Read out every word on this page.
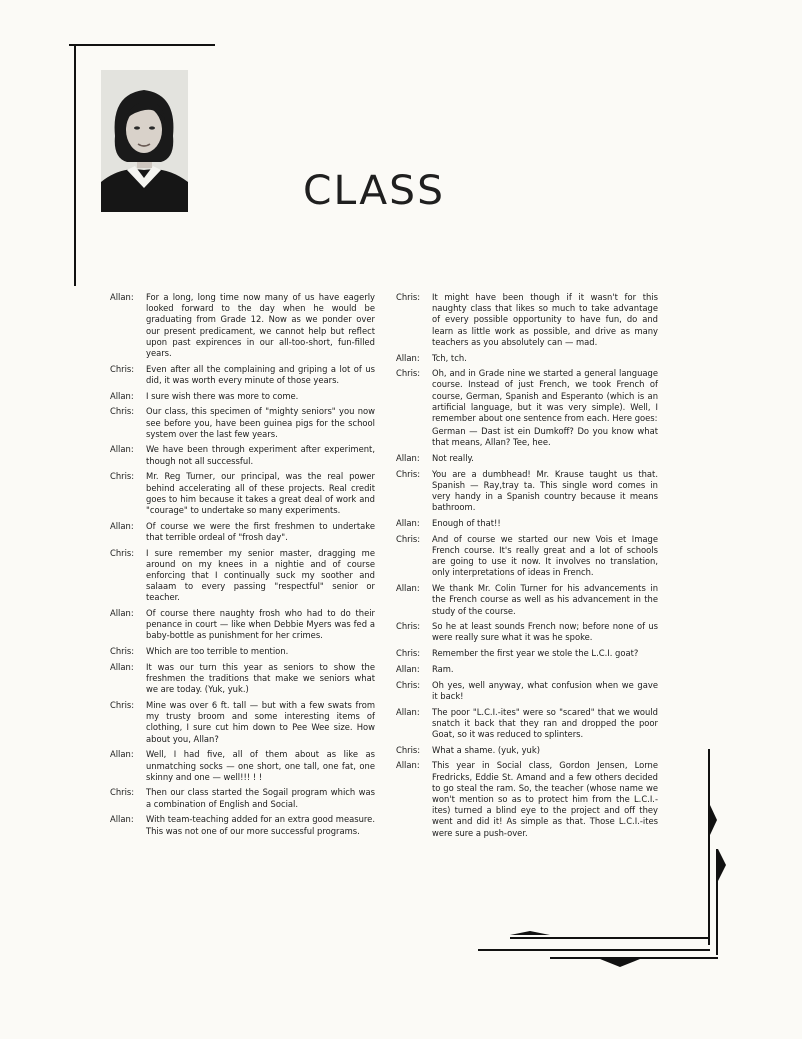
CLASS
Allan:	For a long, long time now many of us have eagerly looked forward to the day when he would be graduating from Grade 12. Now as we ponder over our present predicament, we cannot help but reflect upon past expirences in our all-too-short, fun-filled years.
Chris:	Even after all the complaining and griping a lot of us did, it was worth every minute of those years.
Allan:	I sure wish there was more to come.
Chris:	Our class, this specimen of "mighty seniors" you now see before you, have been guinea pigs for the school system over the last few years.
Allan:	We have been through experiment after experiment, though not all successful.
Chris:	Mr. Reg Turner, our principal, was the real power behind accelerating all of these projects. Real credit goes to him because it takes a great deal of work and "courage" to undertake so many experiments.
Allan:	Of course we were the first freshmen to undertake that terrible ordeal of "frosh day".
Chris:	I sure remember my senior master, dragging me around on my knees in a nightie and of course enforcing that I continually suck my soother and salaam to every passing "respectful" senior or teacher.
Allan:	Of course there naughty frosh who had to do their penance in court — like when Debbie Myers was fed a baby-bottle as punishment for her crimes.
Chris:	Which are too terrible to mention.
Allan:	It was our turn this year as seniors to show the freshmen the traditions that make we seniors what we are today. (Yuk, yuk.)
Chris:	Mine was over 6 ft. tall — but with a few swats from my trusty broom and some interesting items of clothing, I sure cut him down to Pee Wee size. How about you, Allan?
Allan:	Well, I had five, all of them about as like as unmatching socks — one short, one tall, one fat, one skinny and one — well!!! ! !
Chris:	Then our class started the Sogail program which was a combination of English and Social.
Allan:	With team-teaching added for an extra good measure. This was not one of our more successful programs.
Chris:	It might have been though if it wasn't for this naughty class that likes so much to take advantage of every possible opportunity to have fun, do and learn as little work as possible, and drive as many teachers as you absolutely can — mad.
Allan:	Tch, tch.
Chris:	Oh, and in Grade nine we started a general language course. Instead of just French, we took French of course, German, Spanish and Esperanto (which is an artificial language, but it was very simple). Well, I remember about one sentence from each. Here goes:
German — Dast ist ein Dumkoff? Do you know what that means, Allan? Tee, hee.
Allan:	Not really.
Chris:	You are a dumbhead! Mr. Krause taught us that. Spanish — Ray,tray ta. This single word comes in very handy in a Spanish country because it means bathroom.
Allan:	Enough of that!!
Chris:	And of course we started our new Vois et Image French course. It's really great and a lot of schools are going to use it now. It involves no translation, only interpretations of ideas in French.
Allan:	We thank Mr. Colin Turner for his advancements in the French course as well as his advancement in the study of the course.
Chris:	So he at least sounds French now; before none of us were really sure what it was he spoke.
Chris:	Remember the first year we stole the L.C.I. goat?
Allan:	Ram.
Chris:	Oh yes, well anyway, what confusion when we gave it back!
Allan:	The poor "L.C.I.-ites" were so "scared" that we would snatch it back that they ran and dropped the poor Goat, so it was reduced to splinters.
Chris:	What a shame. (yuk, yuk)
Allan:	This year in Social class, Gordon Jensen, Lorne Fredricks, Eddie St. Amand and a few others decided to go steal the ram. So, the teacher (whose name we won't mention so as to protect him from the L.C.I.-ites) turned a blind eye to the project and off they went and did it! As simple as that. Those L.C.I.-ites were sure a push-over.
